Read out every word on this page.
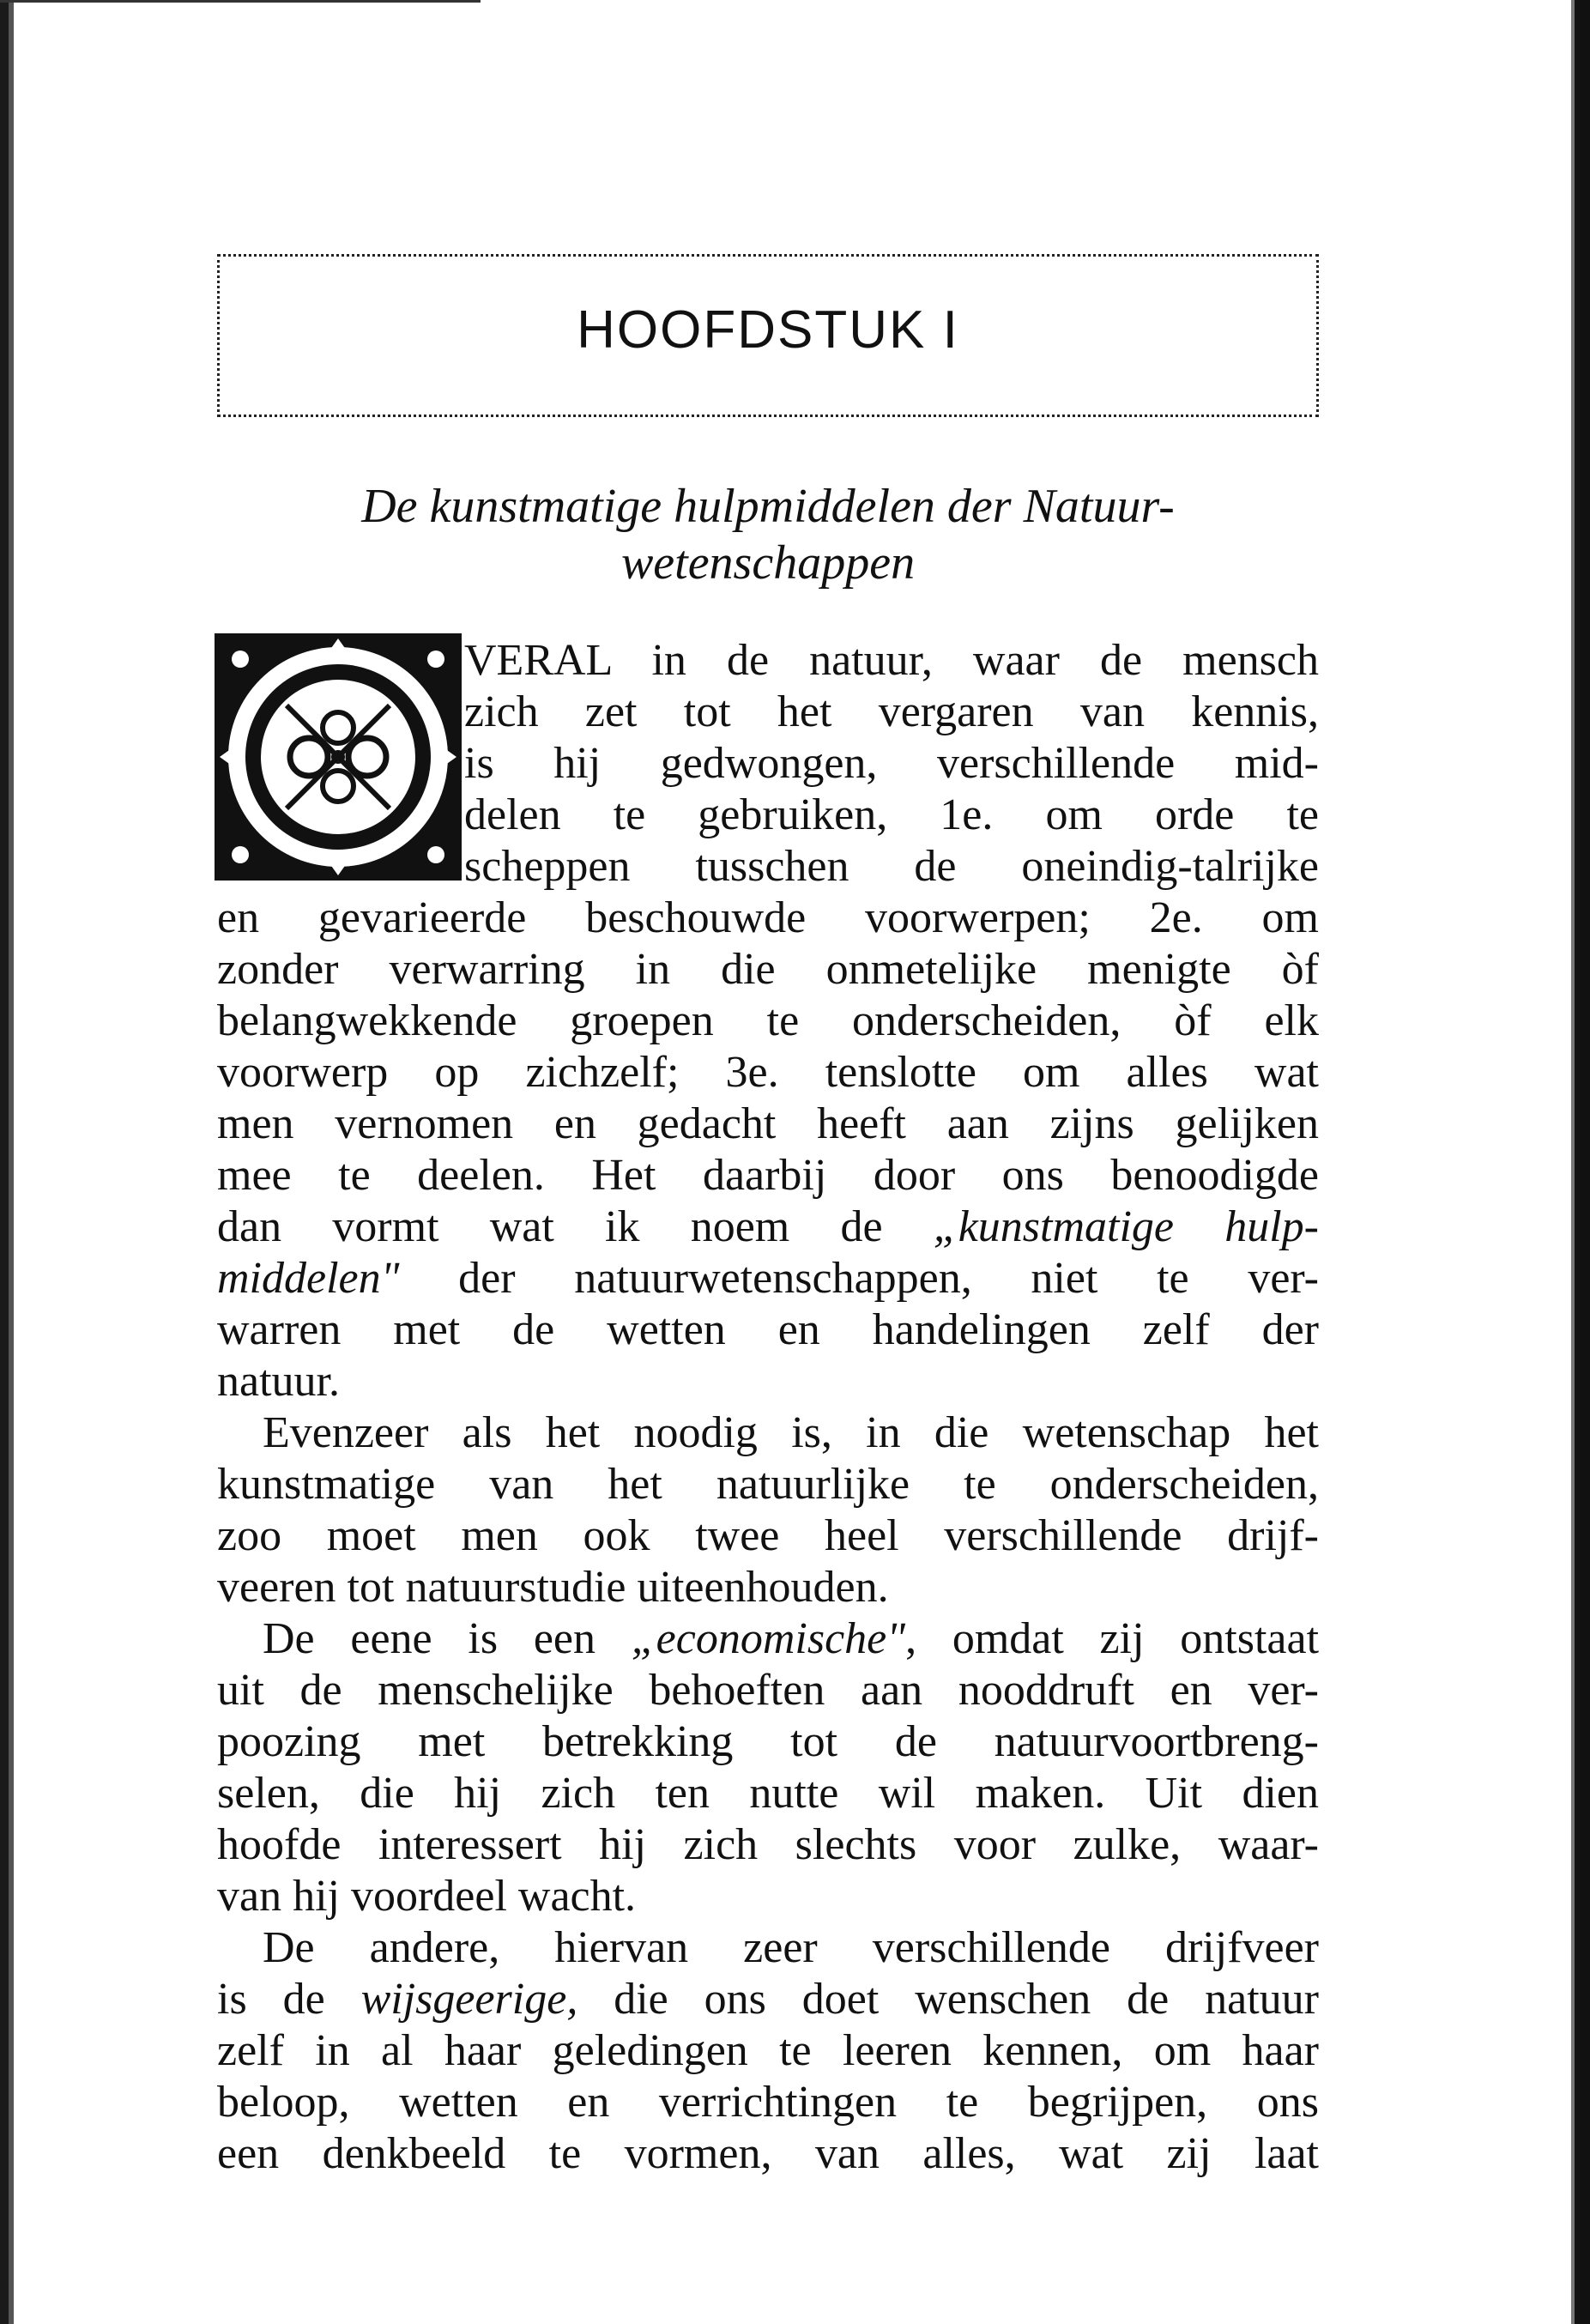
HOOFDSTUK I
De kunstmatige hulpmiddelen der Natuur-
wetenschappen
O
VERAL in de natuur, waar de mensch
zich zet tot het vergaren van kennis,
is hij gedwongen, verschillende mid-
delen te gebruiken, 1e. om orde te
scheppen tusschen de oneindig-talrijke
en gevarieerde beschouwde voorwerpen; 2e. om
zonder verwarring in die onmetelijke menigte òf
belangwekkende groepen te onderscheiden, òf elk
voorwerp op zichzelf; 3e. tenslotte om alles wat
men vernomen en gedacht heeft aan zijns gelijken
mee te deelen. Het daarbij door ons benoodigde
dan vormt wat ik noem de „kunstmatige hulp-
middelen" der natuurwetenschappen, niet te ver-
warren met de wetten en handelingen zelf der
natuur.
Evenzeer als het noodig is, in die wetenschap het
kunstmatige van het natuurlijke te onderscheiden,
zoo moet men ook twee heel verschillende drijf-
veeren tot natuurstudie uiteenhouden.
De eene is een „economische", omdat zij ontstaat
uit de menschelijke behoeften aan nooddruft en ver-
poozing met betrekking tot de natuurvoortbreng-
selen, die hij zich ten nutte wil maken. Uit dien
hoofde interessert hij zich slechts voor zulke, waar-
van hij voordeel wacht.
De andere, hiervan zeer verschillende drijfveer
is de wijsgeerige, die ons doet wenschen de natuur
zelf in al haar geledingen te leeren kennen, om haar
beloop, wetten en verrichtingen te begrijpen, ons
een denkbeeld te vormen, van alles, wat zij laat
